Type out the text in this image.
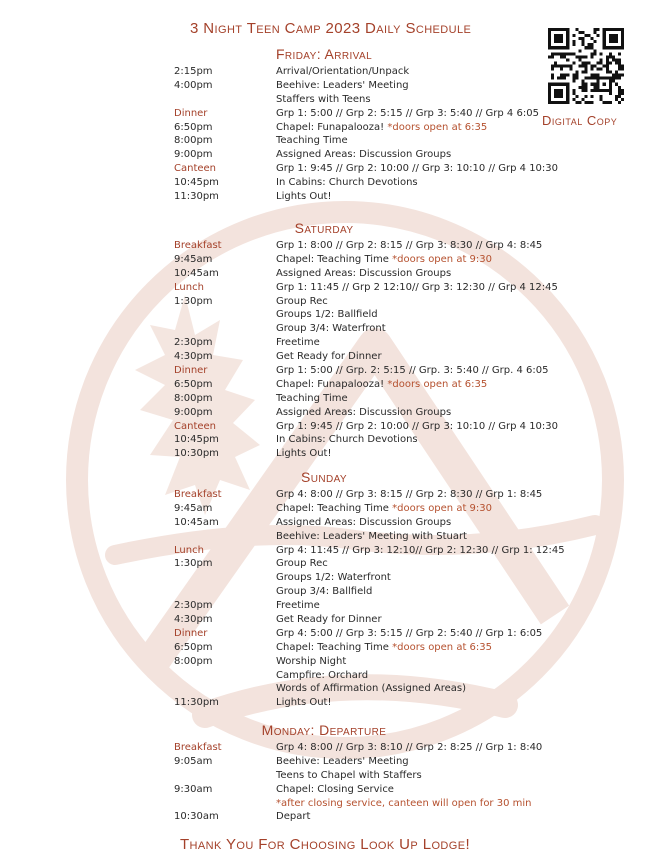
3 Night Teen Camp 2023 Daily Schedule
Digital Copy
Friday: Arrival
2:15pm	Arrival/Orientation/Unpack
4:00pm	Beehive: Leaders' Meeting
Staffers with Teens
Dinner	Grp 1: 5:00 // Grp 2: 5:15 // Grp 3: 5:40 // Grp 4 6:05
6:50pm	Chapel: Funapalooza! *doors open at 6:35
8:00pm	Teaching Time
9:00pm	Assigned Areas: Discussion Groups
Canteen	Grp 1: 9:45 // Grp 2: 10:00 // Grp 3: 10:10 // Grp 4 10:30
10:45pm	In Cabins: Church Devotions
11:30pm	Lights Out!
Saturday
Breakfast	Grp 1: 8:00 // Grp 2: 8:15 // Grp 3: 8:30 // Grp 4: 8:45
9:45am	Chapel: Teaching Time *doors open at 9:30
10:45am	Assigned Areas: Discussion Groups
Lunch	Grp 1: 11:45 // Grp 2 12:10// Grp 3: 12:30 // Grp 4 12:45
1:30pm	Group Rec
Groups 1/2: Ballfield
Group 3/4: Waterfront
2:30pm	Freetime
4:30pm	Get Ready for Dinner
Dinner	Grp 1: 5:00 // Grp. 2: 5:15 // Grp. 3: 5:40 // Grp. 4 6:05
6:50pm	Chapel: Funapalooza! *doors open at 6:35
8:00pm	Teaching Time
9:00pm	Assigned Areas: Discussion Groups
Canteen	Grp 1: 9:45 // Grp 2: 10:00 // Grp 3: 10:10 // Grp 4 10:30
10:45pm	In Cabins: Church Devotions
10:30pm	Lights Out!
Sunday
Breakfast	Grp 4: 8:00 // Grp 3: 8:15 // Grp 2: 8:30 // Grp 1: 8:45
9:45am	Chapel: Teaching Time *doors open at 9:30
10:45am	Assigned Areas: Discussion Groups
Beehive: Leaders' Meeting with Stuart
Lunch	Grp 4: 11:45 // Grp 3: 12:10// Grp 2: 12:30 // Grp 1: 12:45
1:30pm	Group Rec
Groups 1/2: Waterfront
Group 3/4: Ballfield
2:30pm	Freetime
4:30pm	Get Ready for Dinner
Dinner	Grp 4: 5:00 // Grp 3: 5:15 // Grp 2: 5:40 // Grp 1: 6:05
6:50pm	Chapel: Teaching Time *doors open at 6:35
8:00pm	Worship Night
Campfire: Orchard
Words of Affirmation (Assigned Areas)
11:30pm	Lights Out!
Monday: Departure
Breakfast	Grp 4: 8:00 // Grp 3: 8:10 // Grp 2: 8:25 // Grp 1: 8:40
9:05am	Beehive: Leaders' Meeting
Teens to Chapel with Staffers
9:30am	Chapel: Closing Service
*after closing service, canteen will open for 30 min
10:30am	Depart
Thank You For Choosing Look Up Lodge!
